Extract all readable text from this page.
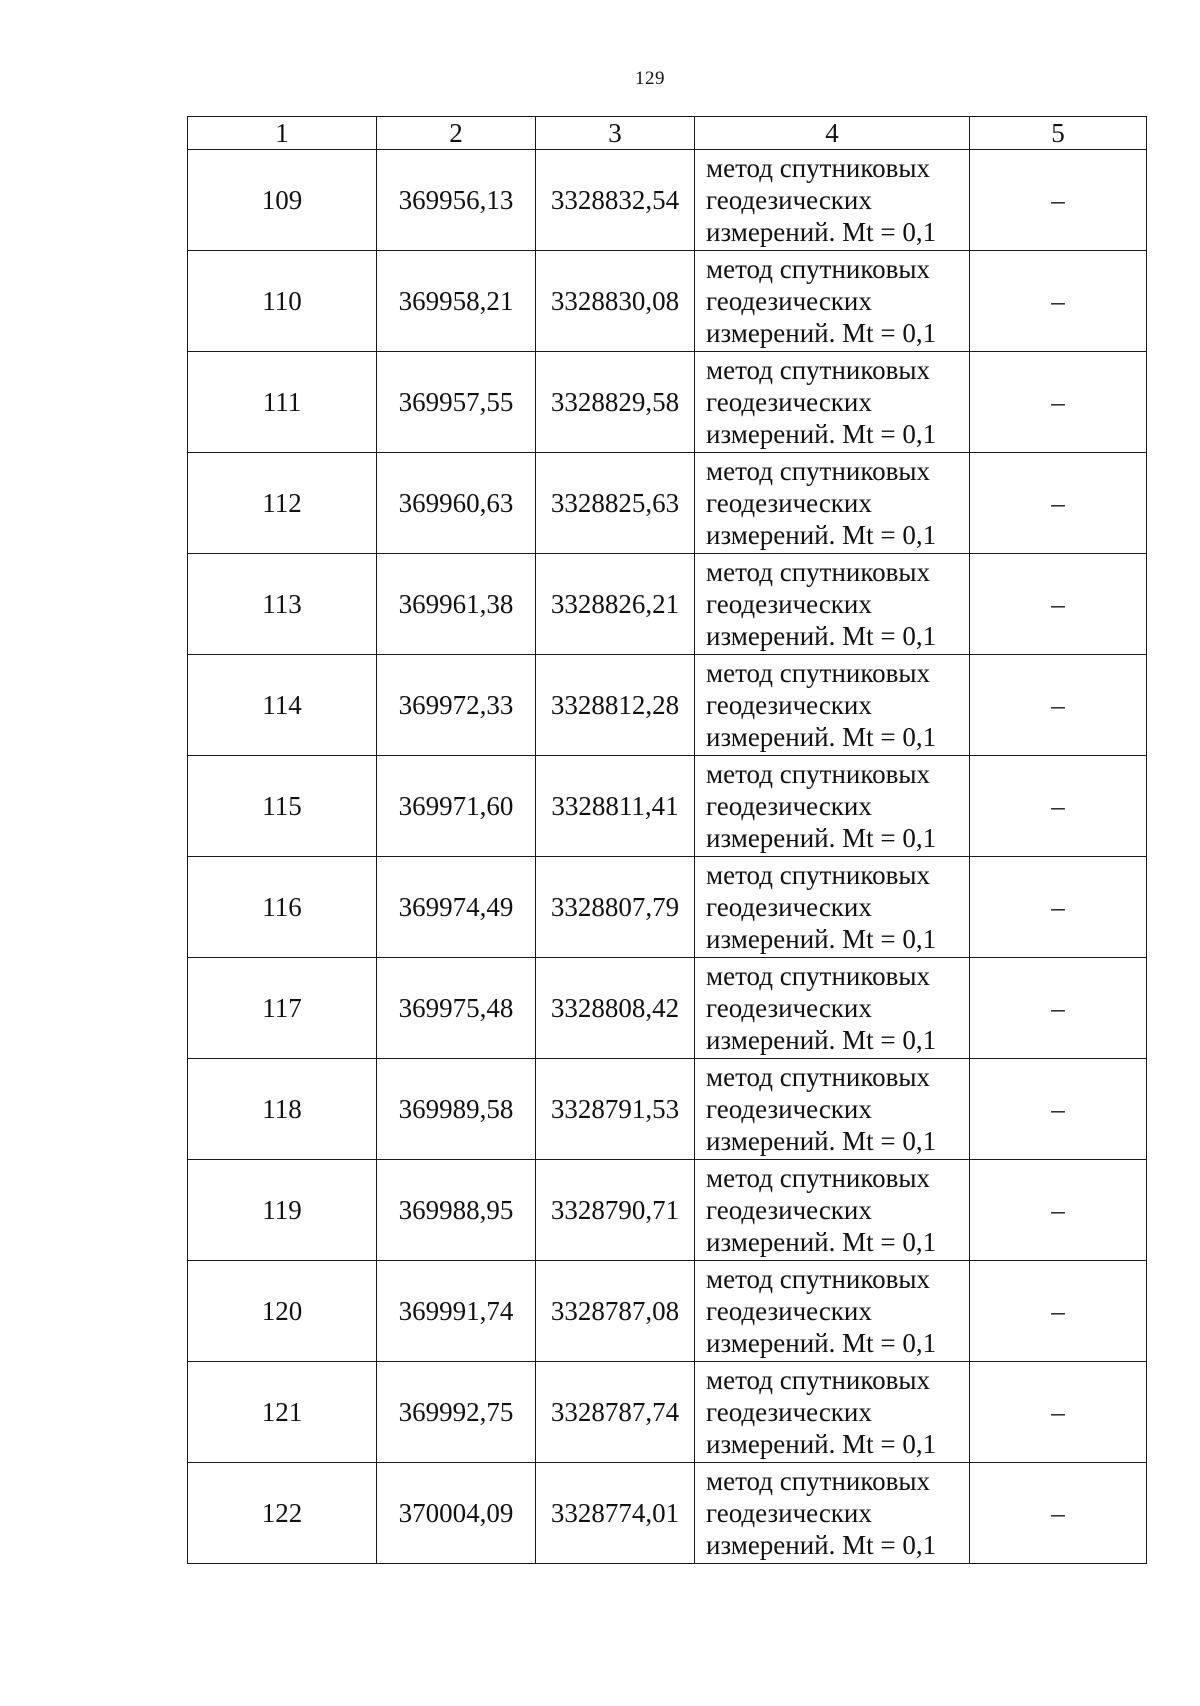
129
1	2	3	4	5
109	369956,13	3328832,54	метод спутниковых
геодезических
измерений. Mt = 0,1	–
110	369958,21	3328830,08	метод спутниковых
геодезических
измерений. Mt = 0,1	–
111	369957,55	3328829,58	метод спутниковых
геодезических
измерений. Mt = 0,1	–
112	369960,63	3328825,63	метод спутниковых
геодезических
измерений. Mt = 0,1	–
113	369961,38	3328826,21	метод спутниковых
геодезических
измерений. Mt = 0,1	–
114	369972,33	3328812,28	метод спутниковых
геодезических
измерений. Mt = 0,1	–
115	369971,60	3328811,41	метод спутниковых
геодезических
измерений. Mt = 0,1	–
116	369974,49	3328807,79	метод спутниковых
геодезических
измерений. Mt = 0,1	–
117	369975,48	3328808,42	метод спутниковых
геодезических
измерений. Mt = 0,1	–
118	369989,58	3328791,53	метод спутниковых
геодезических
измерений. Mt = 0,1	–
119	369988,95	3328790,71	метод спутниковых
геодезических
измерений. Mt = 0,1	–
120	369991,74	3328787,08	метод спутниковых
геодезических
измерений. Mt = 0,1	–
121	369992,75	3328787,74	метод спутниковых
геодезических
измерений. Mt = 0,1	–
122	370004,09	3328774,01	метод спутниковых
геодезических
измерений. Mt = 0,1	–
